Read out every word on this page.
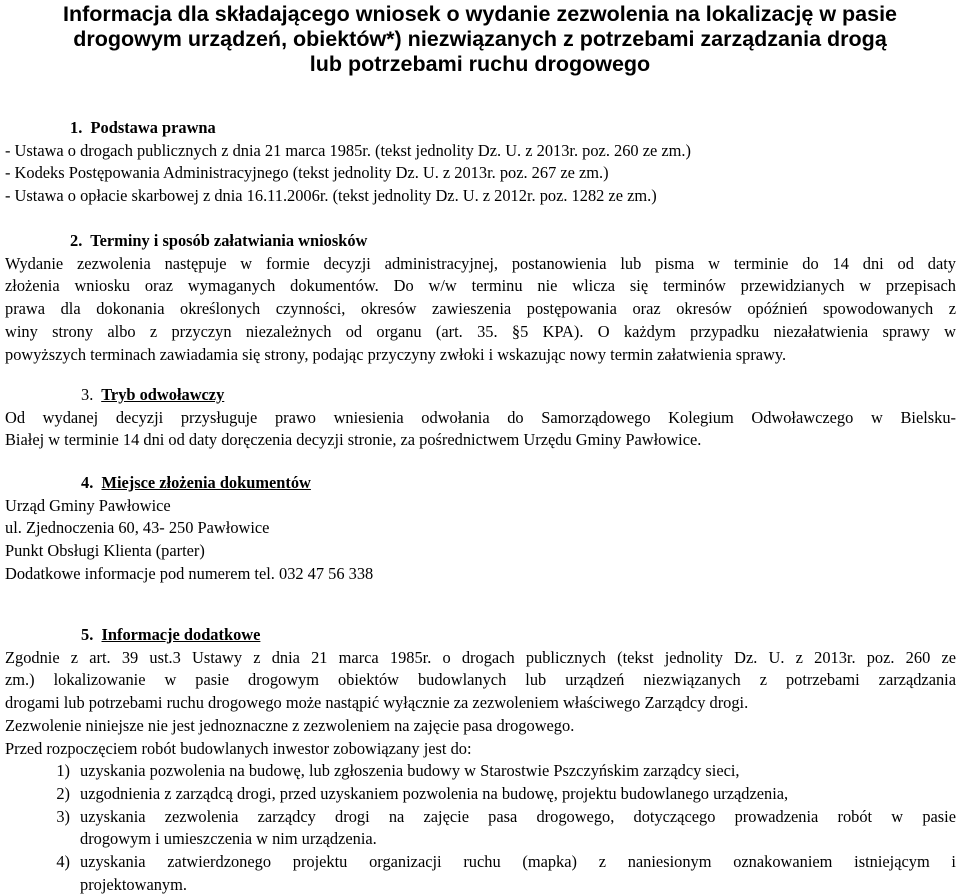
Informacja dla składającego wniosek o wydanie zezwolenia na lokalizację w pasie
drogowym urządzeń, obiektów*) niezwiązanych z potrzebami zarządzania drogą
lub potrzebami ruchu drogowego
1. Podstawa prawna
- Ustawa o drogach publicznych z dnia 21 marca 1985r. (tekst jednolity Dz. U. z 2013r. poz. 260 ze zm.)
- Kodeks Postępowania Administracyjnego (tekst jednolity Dz. U. z 2013r. poz. 267 ze zm.)
- Ustawa o opłacie skarbowej z dnia 16.11.2006r. (tekst jednolity Dz. U. z 2012r. poz. 1282 ze zm.)
2. Terminy i sposób załatwiania wniosków
Wydanie zezwolenia następuje w formie decyzji administracyjnej, postanowienia lub pisma w terminie do 14 dni od daty
złożenia wniosku oraz wymaganych dokumentów. Do w/w terminu nie wlicza się terminów przewidzianych w przepisach
prawa dla dokonania określonych czynności, okresów zawieszenia postępowania oraz okresów opóźnień spowodowanych z
winy strony albo z przyczyn niezależnych od organu (art. 35. §5 KPA). O każdym przypadku niezałatwienia sprawy w
powyższych terminach zawiadamia się strony, podając przyczyny zwłoki i wskazując nowy termin załatwienia sprawy.
3. Tryb odwoławczy
Od wydanej decyzji przysługuje prawo wniesienia odwołania do Samorządowego Kolegium Odwoławczego w Bielsku-
Białej w terminie 14 dni od daty doręczenia decyzji stronie, za pośrednictwem Urzędu Gminy Pawłowice.
4. Miejsce złożenia dokumentów
Urząd Gminy Pawłowice
ul. Zjednoczenia 60, 43- 250 Pawłowice
Punkt Obsługi Klienta (parter)
Dodatkowe informacje pod numerem tel. 032 47 56 338
5. Informacje dodatkowe
Zgodnie z art. 39 ust.3 Ustawy z dnia 21 marca 1985r. o drogach publicznych (tekst jednolity Dz. U. z 2013r. poz. 260 ze
zm.) lokalizowanie w pasie drogowym obiektów budowlanych lub urządzeń niezwiązanych z potrzebami zarządzania
drogami lub potrzebami ruchu drogowego może nastąpić wyłącznie za zezwoleniem właściwego Zarządcy drogi.
Zezwolenie niniejsze nie jest jednoznaczne z zezwoleniem na zajęcie pasa drogowego.
Przed rozpoczęciem robót budowlanych inwestor zobowiązany jest do:
1) uzyskania pozwolenia na budowę, lub zgłoszenia budowy w Starostwie Pszczyńskim zarządcy sieci,
2) uzgodnienia z zarządcą drogi, przed uzyskaniem pozwolenia na budowę, projektu budowlanego urządzenia,
3) uzyskania zezwolenia zarządcy drogi na zajęcie pasa drogowego, dotyczącego prowadzenia robót w pasie
drogowym i umieszczenia w nim urządzenia.
4) uzyskania zatwierdzonego projektu organizacji ruchu (mapka) z naniesionym oznakowaniem istniejącym i
projektowanym.
